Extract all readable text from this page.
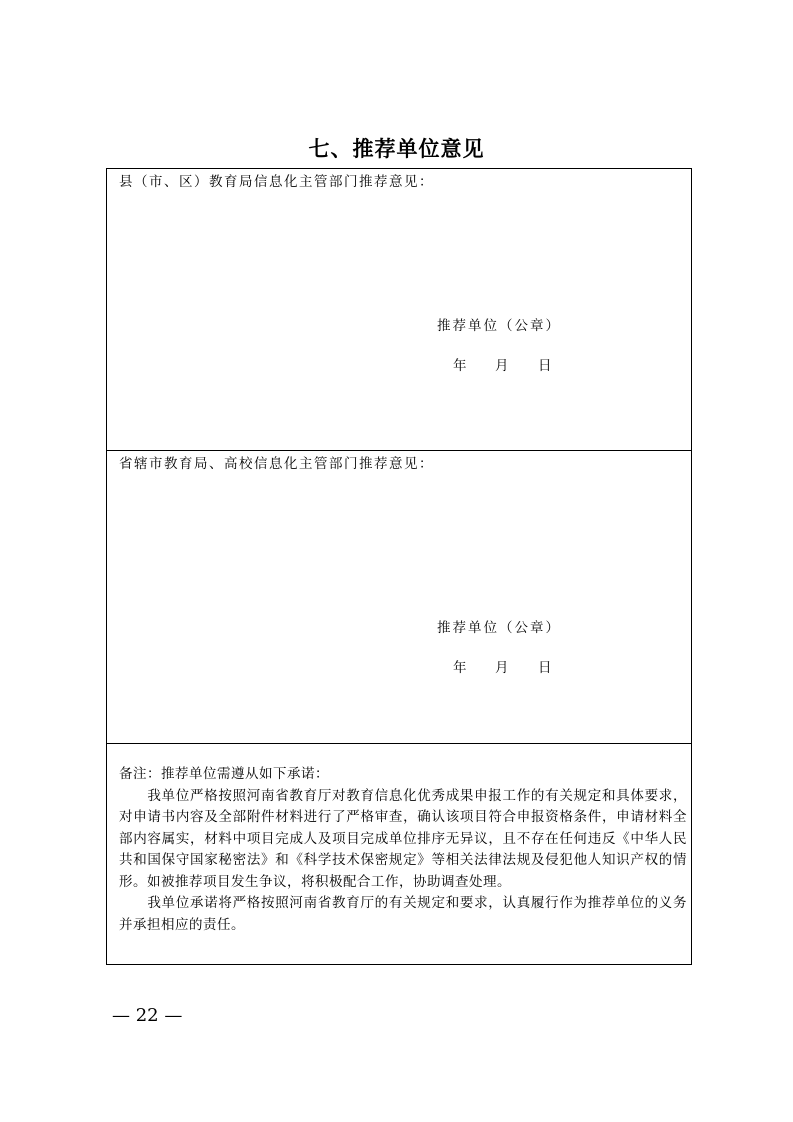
七、推荐单位意见
县（市、区）教育局信息化主管部门推荐意见：
推荐单位（公章）
年 月 日
省辖市教育局、高校信息化主管部门推荐意见：
推荐单位（公章）
年 月 日

备注：推荐单位需遵从如下承诺：

我单位严格按照河南省教育厅对教育信息化优秀成果申报工作的有关规定和具体要求，对申请书内容及全部附件材料进行了严格审查，确认该项目符合申报资格条件，申请材料全部内容属实，材料中项目完成人及项目完成单位排序无异议，且不存在任何违反《中华人民共和国保守国家秘密法》和《科学技术保密规定》等相关法律法规及侵犯他人知识产权的情形。如被推荐项目发生争议，将积极配合工作，协助调查处理。

我单位承诺将严格按照河南省教育厅的有关规定和要求，认真履行作为推荐单位的义务并承担相应的责任。

— 22 —
